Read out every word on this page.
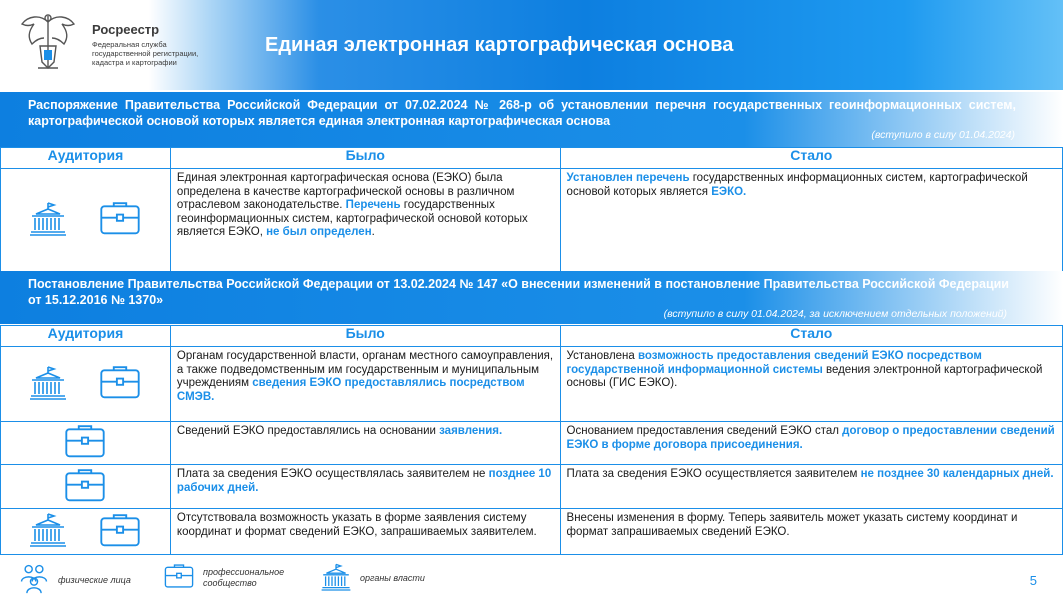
Росреестр
Федеральная служба государственной регистрации, кадастра и картографии
Единая электронная картографическая основа
Распоряжение Правительства Российской Федерации от 07.02.2024 № 268-р об установлении перечня государственных геоинформационных систем, картографической основой которых является единая электронная картографическая основа
(вступило в силу 01.04.2024)
Аудитория	Было	Стало

	Единая электронная картографическая основа (ЕЭКО) была определена в качестве картографической основы в различном отраслевом законодательстве. Перечень государственных геоинформационных систем, картографической основой которых является ЕЭКО, не был определен.	Установлен перечень государственных информационных систем, картографической основой которых является ЕЭКО.
Постановление Правительства Российской Федерации от 13.02.2024 № 147 «О внесении изменений в постановление Правительства Российской Федерации от 15.12.2016 № 1370»
(вступило в силу 01.04.2024, за исключением отдельных положений)
Аудитория	Было	Стало

	Органам государственной власти, органам местного самоуправления, а также подведомственным им государственным и муниципальным учреждениям сведения ЕЭКО предоставлялись посредством СМЭВ.	Установлена возможность предоставления сведений ЕЭКО посредством государственной информационной системы ведения электронной картографической основы (ГИС ЕЭКО).

	Сведений ЕЭКО предоставлялись на основании заявления.	Основанием предоставления сведений ЕЭКО стал договор о предоставлении сведений ЕЭКО в форме договора присоединения.

	Плата за сведения ЕЭКО осуществлялась заявителем не позднее 10 рабочих дней.	Плата за сведения ЕЭКО осуществляется заявителем не позднее 30 календарных дней.

	Отсутствовала возможность указать в форме заявления систему координат и формат сведений ЕЭКО, запрашиваемых заявителем.	Внесены изменения в форму. Теперь заявитель может указать систему координат и формат запрашиваемых сведений ЕЭКО.
физические лица
профессиональное сообщество	органы власти	5
